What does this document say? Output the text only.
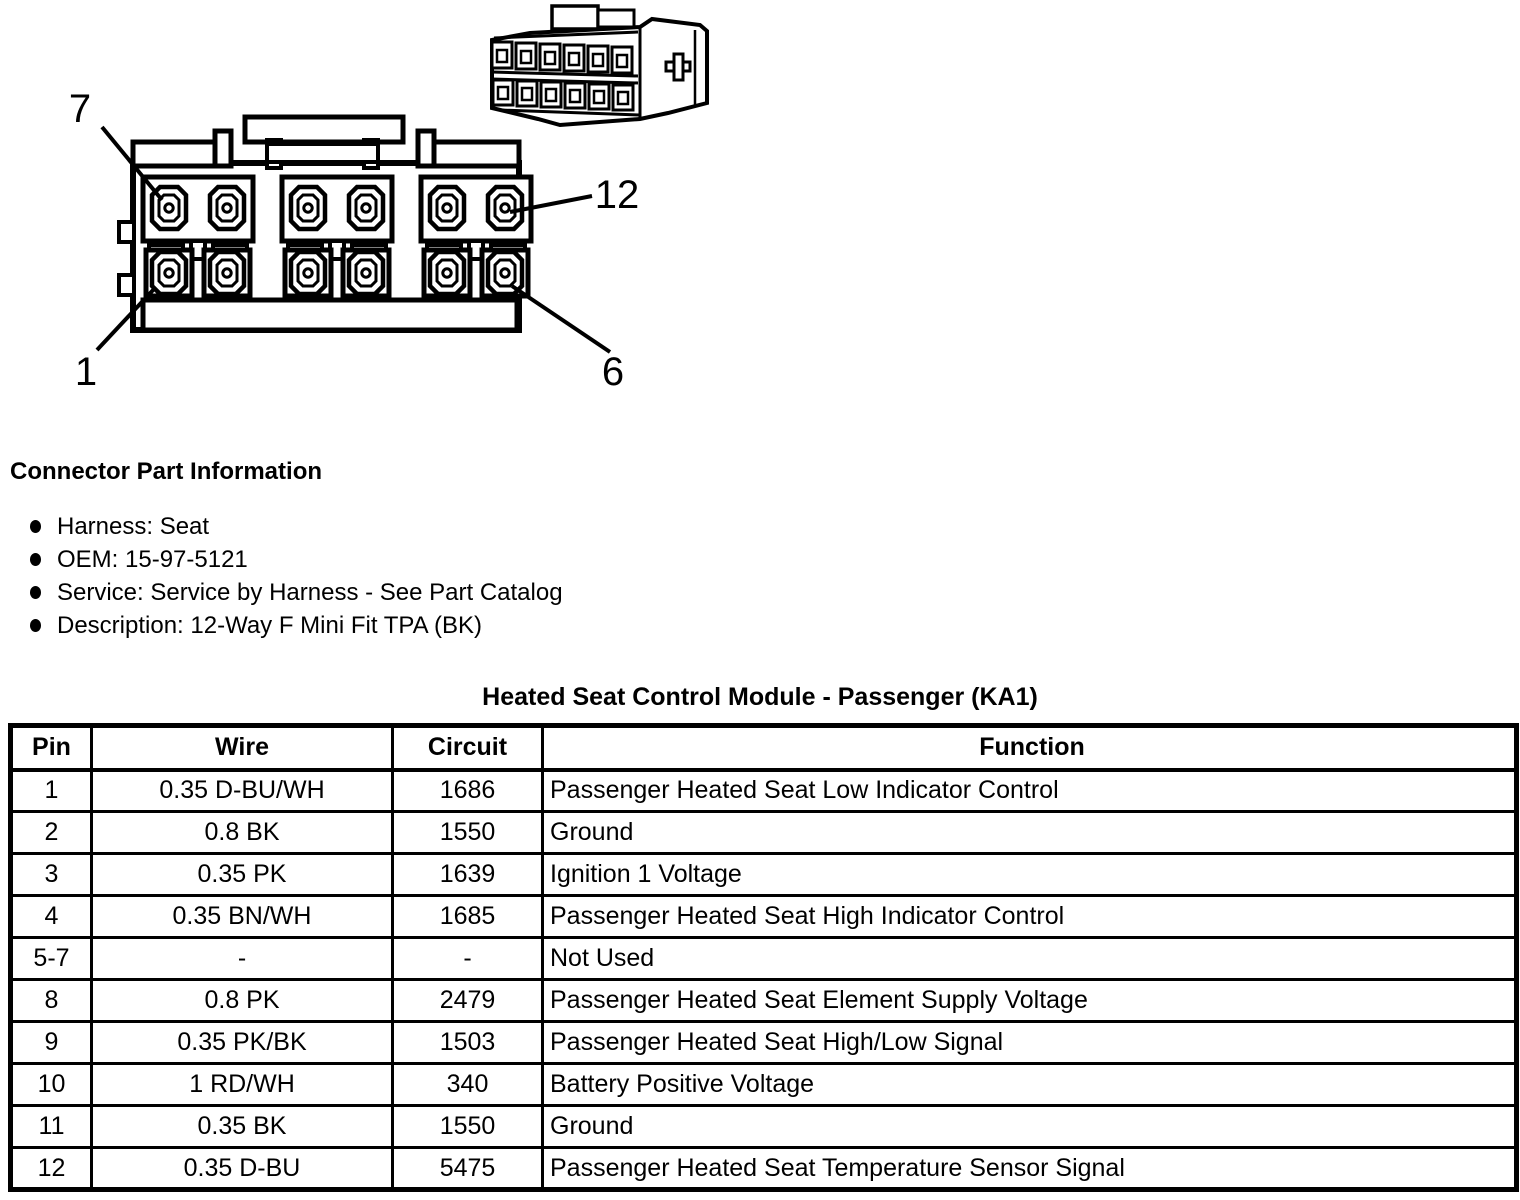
7
1
12
6
Connector Part Information
Harness: Seat
OEM: 15-97-5121
Service: Service by Harness - See Part Catalog
Description: 12-Way F Mini Fit TPA (BK)
Heated Seat Control Module - Passenger (KA1)
Pin	Wire	Circuit	Function
1	0.35 D-BU/WH	1686	Passenger Heated Seat Low Indicator Control
2	0.8 BK	1550	Ground
3	0.35 PK	1639	Ignition 1 Voltage
4	0.35 BN/WH	1685	Passenger Heated Seat High Indicator Control
5-7	-	-	Not Used
8	0.8 PK	2479	Passenger Heated Seat Element Supply Voltage
9	0.35 PK/BK	1503	Passenger Heated Seat High/Low Signal
10	1 RD/WH	340	Battery Positive Voltage
11	0.35 BK	1550	Ground
12	0.35 D-BU	5475	Passenger Heated Seat Temperature Sensor Signal
